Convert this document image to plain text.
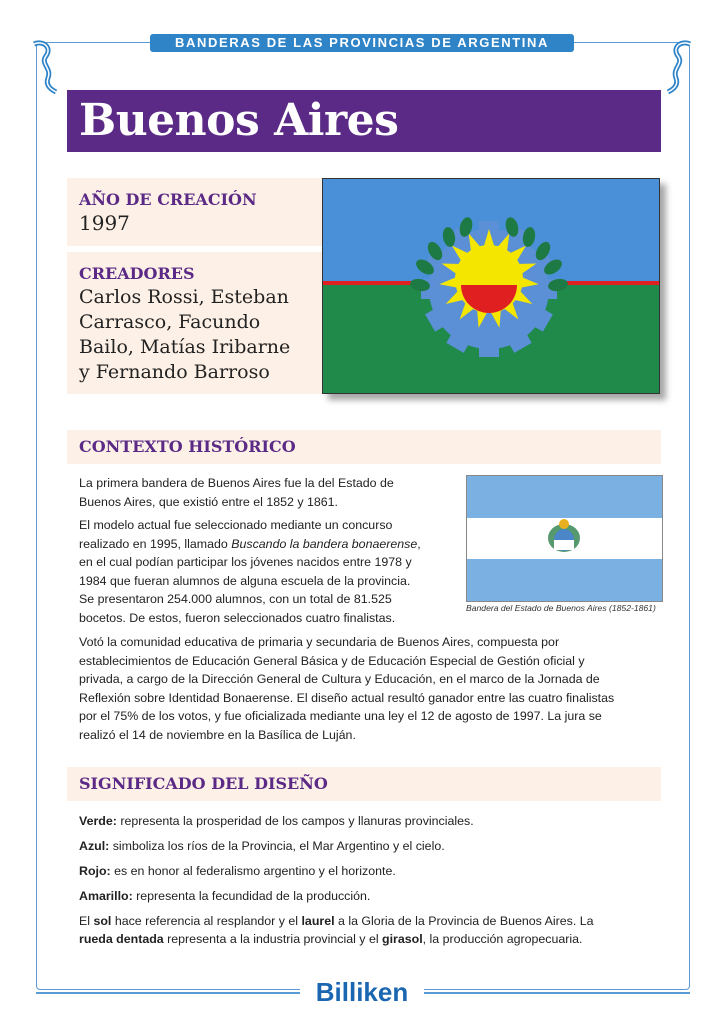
BANDERAS DE LAS PROVINCIAS DE ARGENTINA
Buenos Aires
AÑO DE CREACIÓN
1997
CREADORES
Carlos Rossi, Esteban
Carrasco, Facundo
Bailo, Matías Iribarne
y Fernando Barroso
CONTEXTO HISTÓRICO

La primera bandera de Buenos Aires fue la del Estado de
Buenos Aires, que existió entre el 1852 y 1861.

El modelo actual fue seleccionado mediante un concurso
realizado en 1995, llamado Buscando la bandera bonaerense,
en el cual podían participar los jóvenes nacidos entre 1978 y
1984 que fueran alumnos de alguna escuela de la provincia.
Se presentaron 254.000 alumnos, con un total de 81.525
bocetos. De estos, fueron seleccionados cuatro finalistas.

Bandera del Estado de Buenos Aires (1852-1861)

Votó la comunidad educativa de primaria y secundaria de Buenos Aires, compuesta por
establecimientos de Educación General Básica y de Educación Especial de Gestión oficial y
privada, a cargo de la Dirección General de Cultura y Educación, en el marco de la Jornada de
Reflexión sobre Identidad Bonaerense. El diseño actual resultó ganador entre las cuatro finalistas
por el 75% de los votos, y fue oficializada mediante una ley el 12 de agosto de 1997. La jura se
realizó el 14 de noviembre en la Basílica de Luján.

SIGNIFICADO DEL DISEÑO

Verde: representa la prosperidad de los campos y llanuras provinciales.

Azul: simboliza los ríos de la Provincia, el Mar Argentino y el cielo.

Rojo: es en honor al federalismo argentino y el horizonte.

Amarillo: representa la fecundidad de la producción.

El sol hace referencia al resplandor y el laurel a la Gloria de la Provincia de Buenos Aires. La
rueda dentada representa a la industria provincial y el girasol, la producción agropecuaria.

Billiken
